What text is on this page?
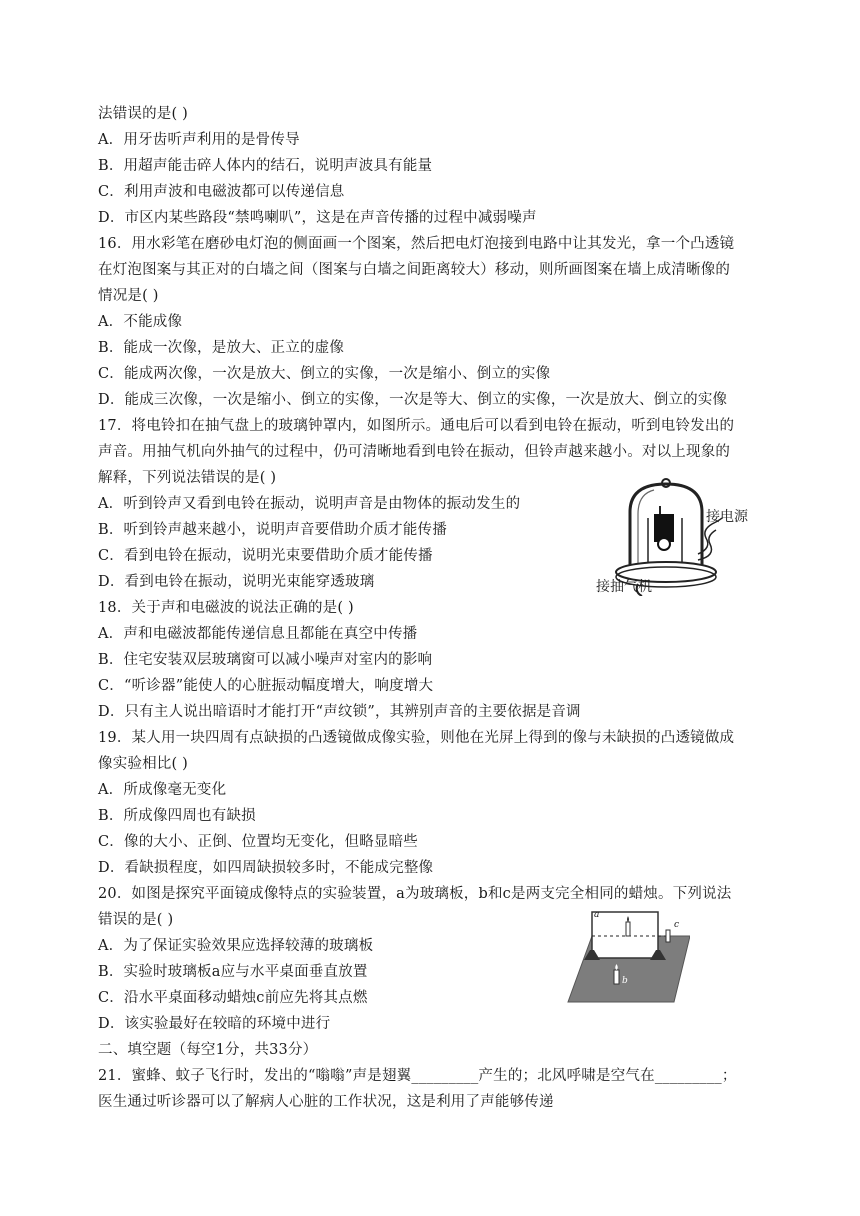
法错误的是( )
A．用牙齿听声利用的是骨传导
B．用超声能击碎人体内的结石，说明声波具有能量
C．利用声波和电磁波都可以传递信息
D．市区内某些路段“禁鸣喇叭”，这是在声音传播的过程中减弱噪声
16．用水彩笔在磨砂电灯泡的侧面画一个图案，然后把电灯泡接到电路中让其发光，拿一个凸透镜
在灯泡图案与其正对的白墙之间（图案与白墙之间距离较大）移动，则所画图案在墙上成清晰像的
情况是( )
A．不能成像
B．能成一次像，是放大、正立的虚像
C．能成两次像，一次是放大、倒立的实像，一次是缩小、倒立的实像
D．能成三次像，一次是缩小、倒立的实像，一次是等大、倒立的实像，一次是放大、倒立的实像
17．将电铃扣在抽气盘上的玻璃钟罩内，如图所示。通电后可以看到电铃在振动，听到电铃发出的
声音。用抽气机向外抽气的过程中，仍可清晰地看到电铃在振动，但铃声越来越小。对以上现象的
解释，下列说法错误的是( )
A．听到铃声又看到电铃在振动，说明声音是由物体的振动发生的
B．听到铃声越来越小，说明声音要借助介质才能传播
C．看到电铃在振动，说明光束要借助介质才能传播
D．看到电铃在振动，说明光束能穿透玻璃
18．关于声和电磁波的说法正确的是( )
A．声和电磁波都能传递信息且都能在真空中传播
B．住宅安装双层玻璃窗可以减小噪声对室内的影响
C．“听诊器”能使人的心脏振动幅度增大，响度增大
D．只有主人说出暗语时才能打开“声纹锁”，其辨别声音的主要依据是音调
19．某人用一块四周有点缺损的凸透镜做成像实验，则他在光屏上得到的像与未缺损的凸透镜做成
像实验相比( )
A．所成像毫无变化
B．所成像四周也有缺损
C．像的大小、正倒、位置均无变化，但略显暗些
D．看缺损程度，如四周缺损较多时，不能成完整像
20．如图是探究平面镜成像特点的实验装置，a为玻璃板，b和c是两支完全相同的蜡烛。下列说法
错误的是( )
A．为了保证实验效果应选择较薄的玻璃板
B．实验时玻璃板a应与水平桌面垂直放置
C．沿水平桌面移动蜡烛c前应先将其点燃
D．该实验最好在较暗的环境中进行
二、填空题（每空1分，共33分）
21．蜜蜂、蚊子飞行时，发出的“嗡嗡”声是翅翼_________产生的；北风呼啸是空气在_________；
医生通过听诊器可以了解病人心脏的工作状况，这是利用了声能够传递
接电源
接抽气机
a
b
c
